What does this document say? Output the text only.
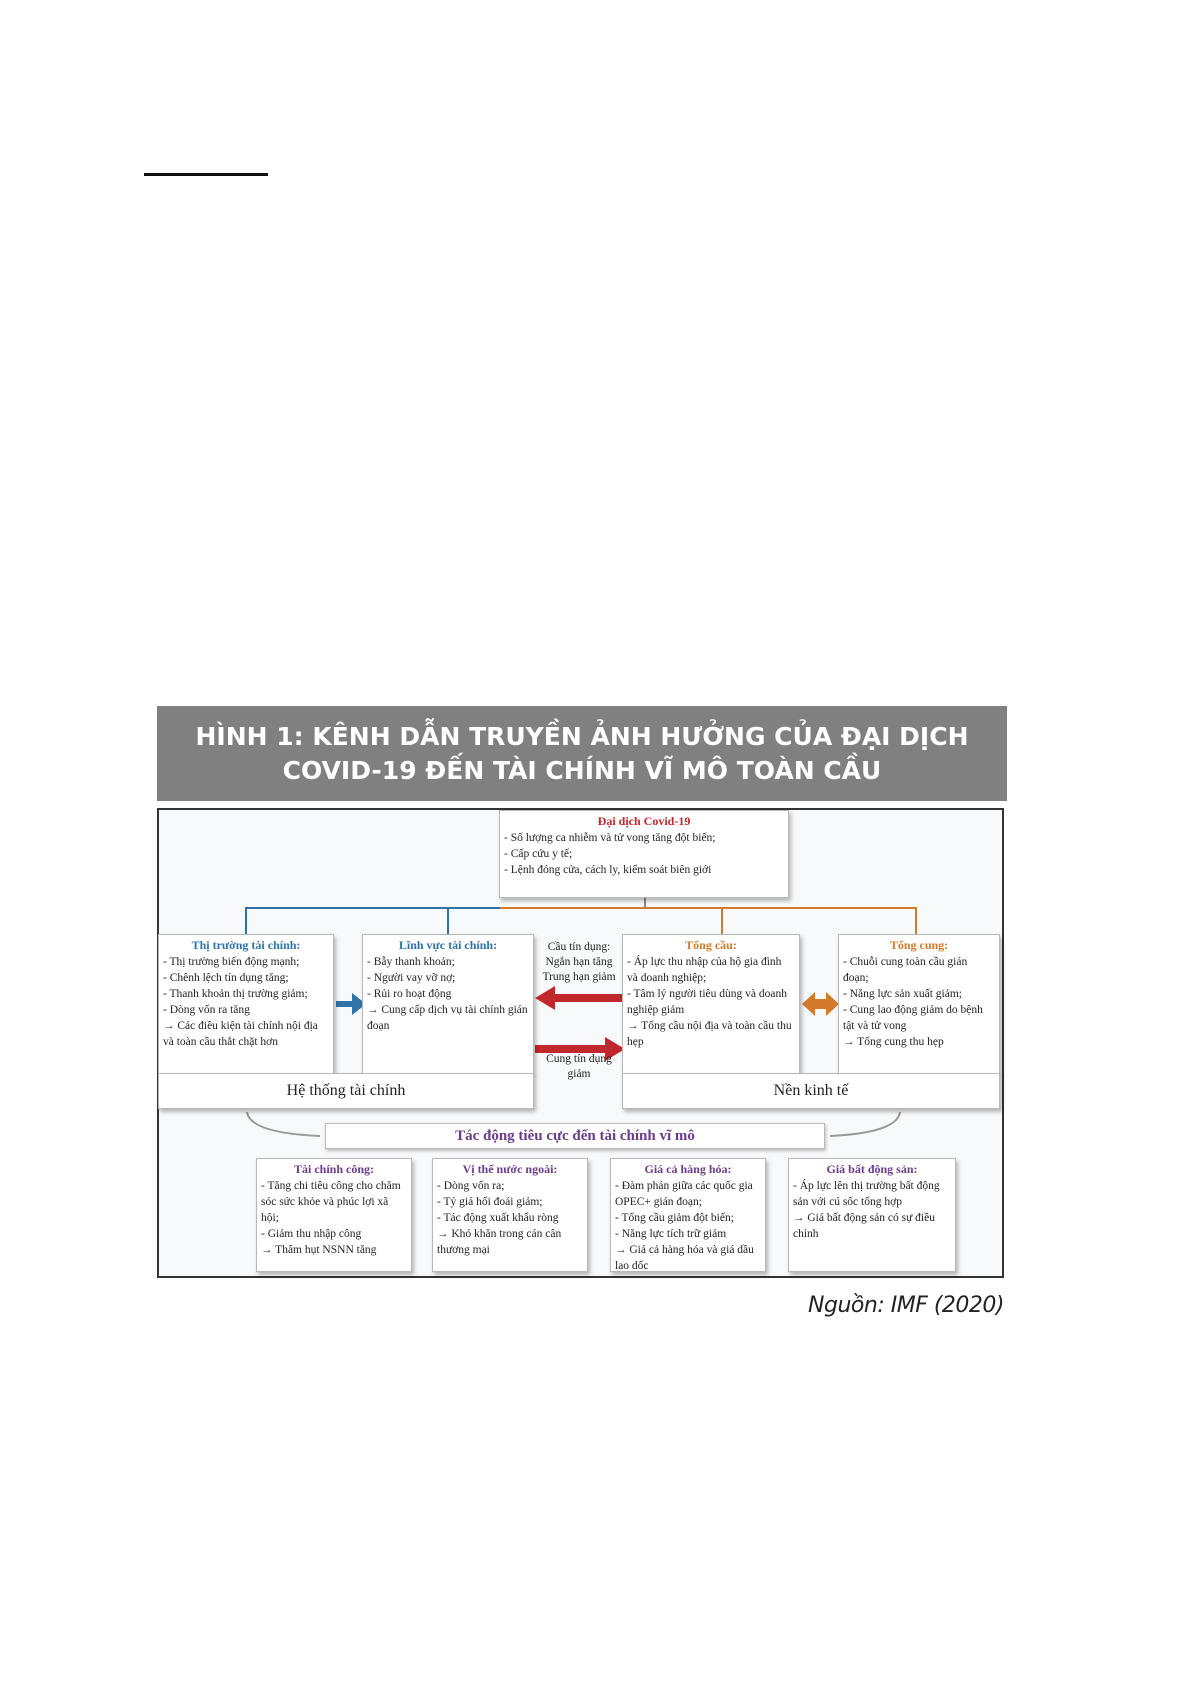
HÌNH 1: KÊNH DẪN TRUYỀN ẢNH HƯỞNG CỦA ĐẠI DỊCH
COVID-19 ĐẾN TÀI CHÍNH VĨ MÔ TOÀN CẦU
Đại dịch Covid-19
- Số lượng ca nhiễm và tử vong tăng đột biến;
- Cấp cứu y tế;
- Lệnh đóng cửa, cách ly, kiểm soát biên giới
Thị trường tài chính:
- Thị trường biến động mạnh;
- Chênh lệch tín dụng tăng;
- Thanh khoản thị trường giảm;
- Dòng vốn ra tăng
→ Các điều kiện tài chính nội địa và toàn cầu thắt chặt hơn
Lĩnh vực tài chính:
- Bẫy thanh khoản;
- Người vay vỡ nợ;
- Rủi ro hoạt động
→ Cung cấp dịch vụ tài chính gián đoạn
Cầu tín dụng:
Ngắn hạn tăng
Trung hạn giảm
Cung tín dụng
giảm
Tổng cầu:
- Áp lực thu nhập của hộ gia đình và doanh nghiệp;
- Tâm lý người tiêu dùng và doanh nghiệp giảm
→ Tổng cầu nội địa và toàn cầu thu hẹp
Tổng cung:
- Chuỗi cung toàn cầu gián đoạn;
- Năng lực sản xuất giảm;
- Cung lao động giảm do bệnh tật và tử vong
→ Tổng cung thu hẹp
Hệ thống tài chính	Nền kinh tế
Tác động tiêu cực đến tài chính vĩ mô
Tài chính công:
- Tăng chi tiêu công cho chăm sóc sức khỏe và phúc lợi xã hội;
- Giảm thu nhập công
→ Thâm hụt NSNN tăng
Vị thế nước ngoài:
- Dòng vốn ra;
- Tỷ giá hối đoái giảm;
- Tác động xuất khẩu ròng
→ Khó khăn trong cán cân thương mại
Giá cả hàng hóa:
- Đàm phán giữa các quốc gia OPEC+ gián đoạn;
- Tổng cầu giảm đột biến;
- Năng lực tích trữ giảm
→ Giá cả hàng hóa và giá dầu lao dốc
Giá bất động sản:
- Áp lực lên thị trường bất động sản với cú sốc tổng hợp
→ Giá bất động sản có sự điều chỉnh
Nguồn: IMF (2020)
